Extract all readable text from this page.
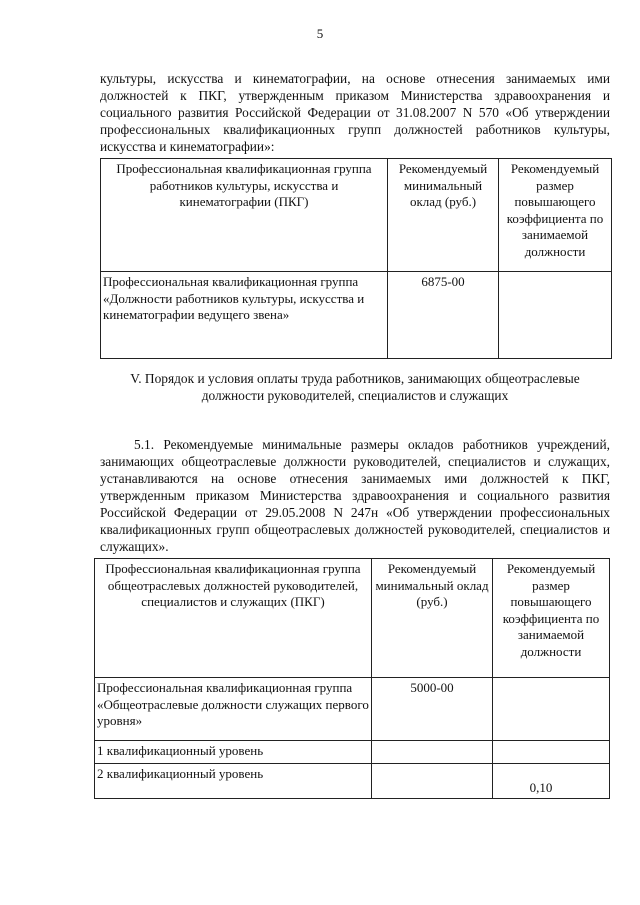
5
культуры, искусства и кинематографии, на основе отнесения занимаемых ими должностей к ПКГ, утвержденным приказом Министерства здравоохранения и социального развития Российской Федерации от 31.08.2007 N 570 «Об утверждении профессиональных квалификационных групп должностей работников культуры, искусства и кинематографии»:
Профессиональная квалификационная группа работников культуры, искусства и кинематографии (ПКГ)	Рекомендуемый минимальный оклад (руб.)	Рекомендуемый размер повышающего коэффициента по занимаемой должности
Профессиональная квалификационная группа «Должности работников культуры, искусства и кинематографии ведущего звена»	6875-00	
V. Порядок и условия оплаты труда работников, занимающих общеотраслевые должности руководителей, специалистов и служащих
5.1. Рекомендуемые минимальные размеры окладов работников учреждений, занимающих общеотраслевые должности руководителей, специалистов и служащих, устанавливаются на основе отнесения занимаемых ими должностей к ПКГ, утвержденным приказом Министерства здравоохранения и социального развития Российской Федерации от 29.05.2008 N 247н «Об утверждении профессиональных квалификационных групп общеотраслевых должностей руководителей, специалистов и служащих».
Профессиональная квалификационная группа общеотраслевых должностей руководителей, специалистов и служащих (ПКГ)	Рекомендуемый минимальный оклад (руб.)	Рекомендуемый размер повышающего коэффициента по занимаемой должности
Профессиональная квалификационная группа «Общеотраслевые должности служащих первого уровня»	5000-00	
1 квалификационный уровень		
2 квалификационный уровень		0,10
